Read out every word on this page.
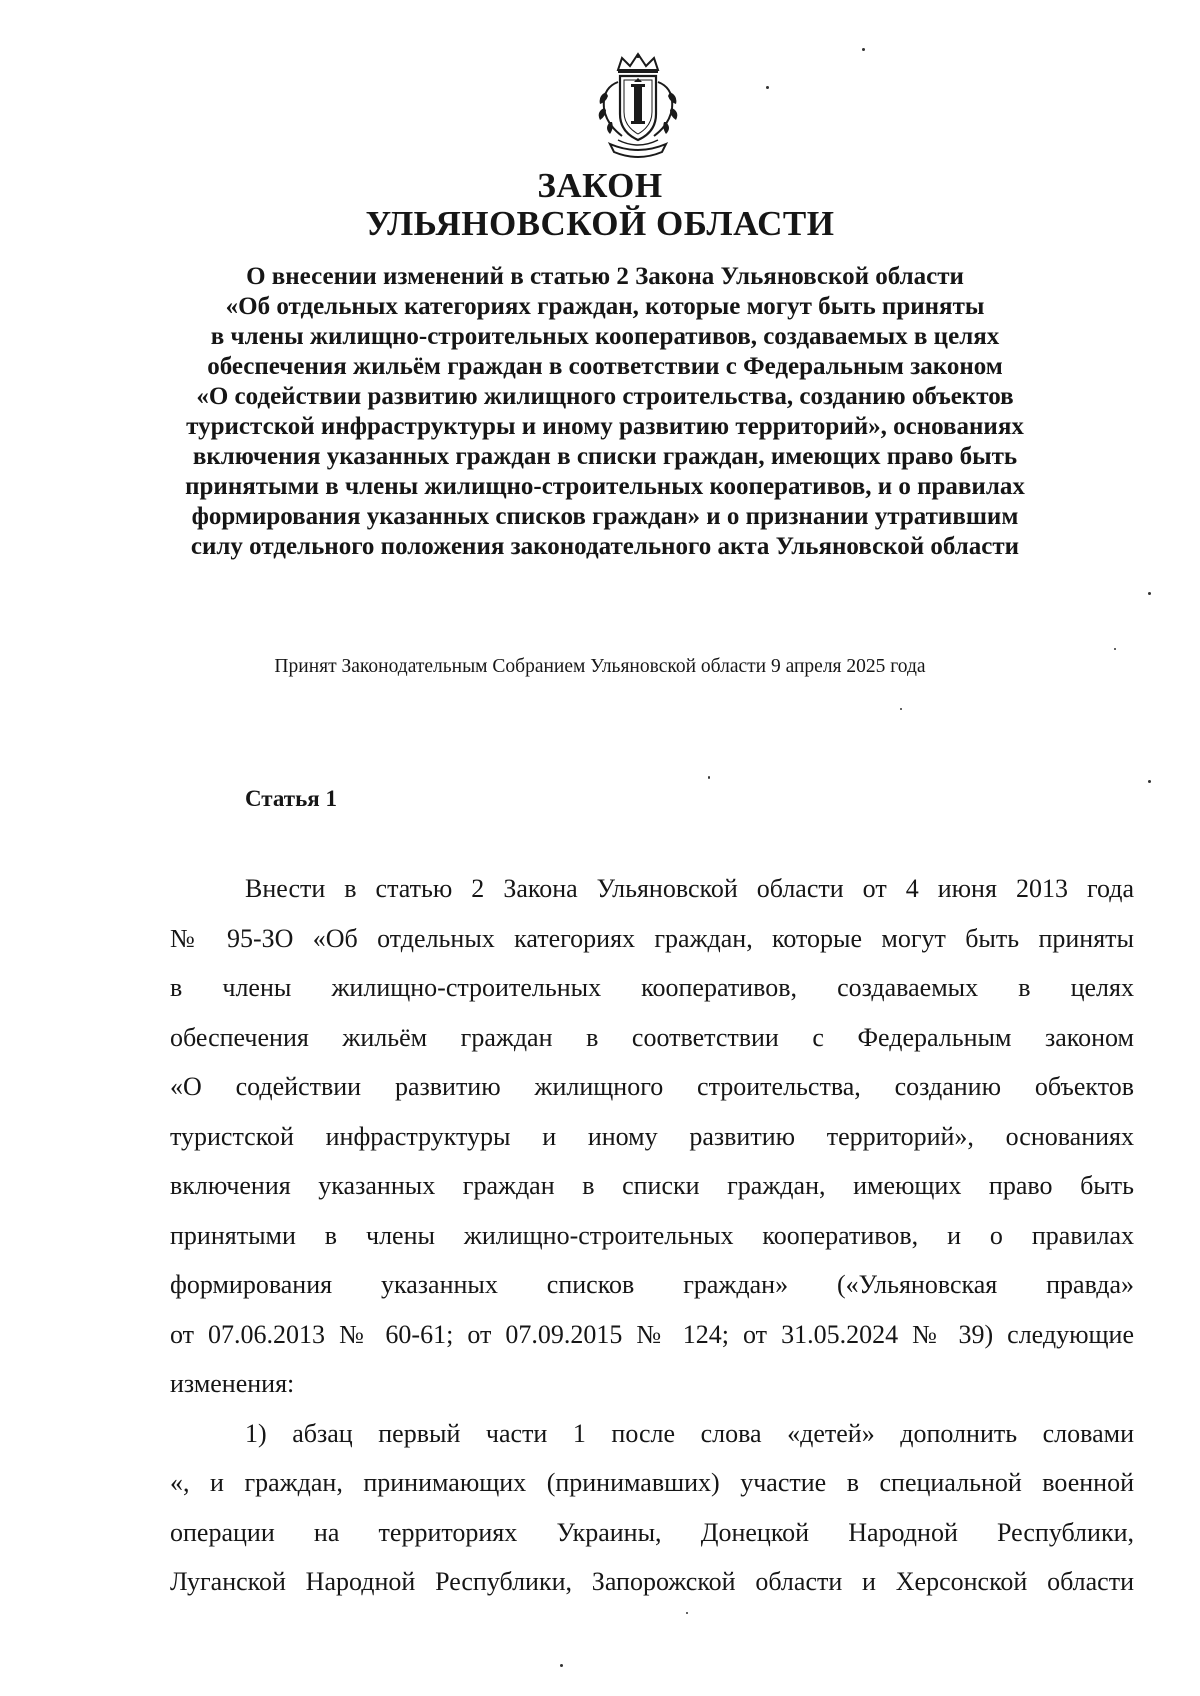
ЗАКОН
УЛЬЯНОВСКОЙ ОБЛАСТИ
О внесении изменений в статью 2 Закона Ульяновской области
«Об отдельных категориях граждан, которые могут быть приняты
в члены жилищно-строительных кооперативов, создаваемых в целях
обеспечения жильём граждан в соответствии с Федеральным законом
«О содействии развитию жилищного строительства, созданию объектов
туристской инфраструктуры и иному развитию территорий», основаниях
включения указанных граждан в списки граждан, имеющих право быть
принятыми в члены жилищно-строительных кооперативов, и о правилах
формирования указанных списков граждан» и о признании утратившим
силу отдельного положения законодательного акта Ульяновской области
Принят Законодательным Собранием Ульяновской области 9 апреля 2025 года
Статья 1
Внести в статью 2 Закона Ульяновской области от 4 июня 2013 года
№ 95-ЗО «Об отдельных категориях граждан, которые могут быть приняты
в члены жилищно-строительных кооперативов, создаваемых в целях
обеспечения жильём граждан в соответствии с Федеральным законом
«О содействии развитию жилищного строительства, созданию объектов
туристской инфраструктуры и иному развитию территорий», основаниях
включения указанных граждан в списки граждан, имеющих право быть
принятыми в члены жилищно-строительных кооперативов, и о правилах
формирования указанных списков граждан» («Ульяновская правда»
от 07.06.2013 № 60-61; от 07.09.2015 № 124; от 31.05.2024 № 39) следующие
изменения:
1) абзац первый части 1 после слова «детей» дополнить словами
«, и граждан, принимающих (принимавших) участие в специальной военной
операции на территориях Украины, Донецкой Народной Республики,
Луганской Народной Республики, Запорожской области и Херсонской области
